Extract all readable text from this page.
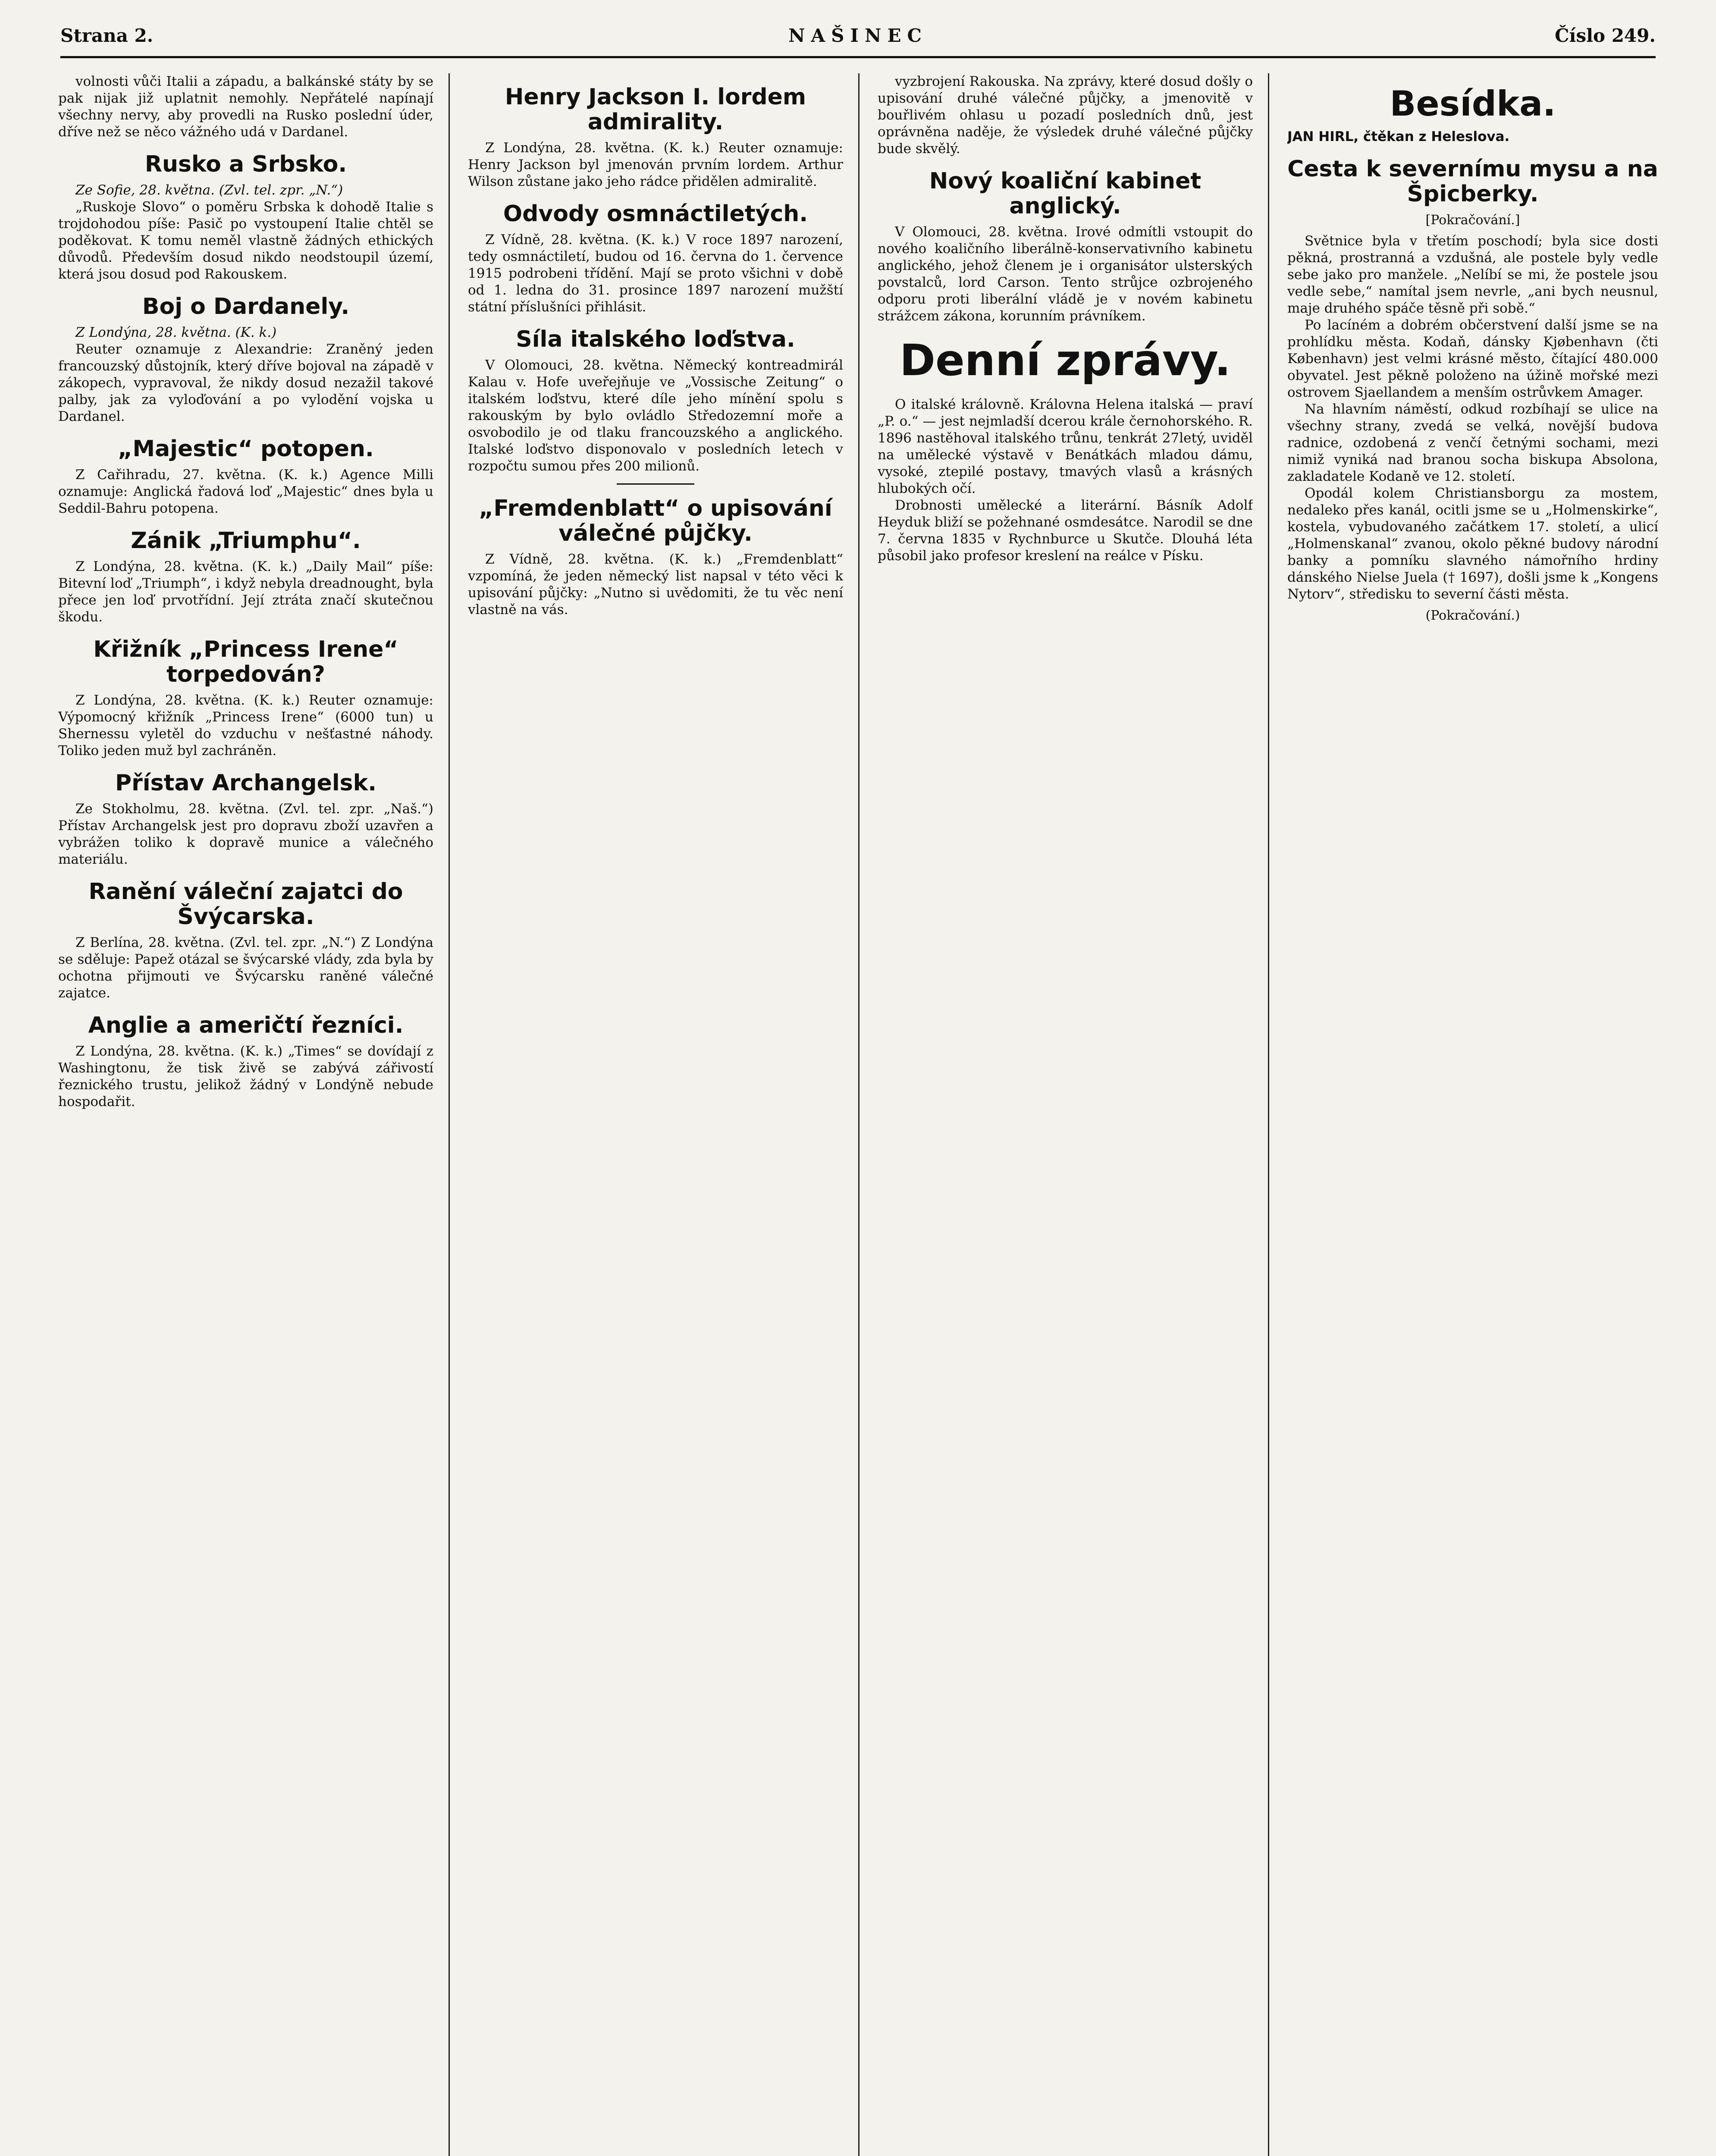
Strana 2.	NAŠINEC	Číslo 249.

volnosti vůči Italii a západu, a balkánské státy by se pak nijak již uplatnit nemohly. Nepřátelé napínají všechny nervy, aby provedli na Rusko poslední úder, dříve než se něco vážného udá v Dardanel.

Rusko a Srbsko.

Ze Sofie, 28. května. (Zvl. tel. zpr. „N.“)

„Ruskoje Slovo“ o poměru Srbska k dohodě Italie s trojdohodou píše: Pasič po vystoupení Italie chtěl se poděkovat. K tomu neměl vlastně žádných ethických důvodů. Především dosud nikdo neodstoupil území, která jsou dosud pod Rakouskem.

Boj o Dardanely.

Z Londýna, 28. května. (K. k.)

Reuter oznamuje z Alexandrie: Zraněný jeden francouzský důstojník, který dříve bojoval na západě v zákopech, vypravoval, že nikdy dosud nezažil takové palby, jak za vyloďování a po vylodění vojska u Dardanel.

„Majestic“ potopen.

Z Cařihradu, 27. května. (K. k.) Agence Milli oznamuje: Anglická řadová loď „Majestic“ dnes byla u Seddil-Bahru potopena.

Zánik „Triumphu“.

Z Londýna, 28. května. (K. k.) „Daily Mail“ píše: Bitevní loď „Triumph“, i když nebyla dreadnought, byla přece jen loď prvotřídní. Její ztráta značí skutečnou škodu.

Křižník „Princess Irene“ torpedován?

Z Londýna, 28. května. (K. k.) Reuter oznamuje: Výpomocný křižník „Princess Irene“ (6000 tun) u Shernessu vyletěl do vzduchu v nešťastné náhody. Toliko jeden muž byl zachráněn.

Přístav Archangelsk.

Ze Stokholmu, 28. května. (Zvl. tel. zpr. „Naš.“) Přístav Archangelsk jest pro dopravu zboží uzavřen a vybrážen toliko k dopravě munice a válečného materiálu.

Ranění váleční zajatci do Švýcarska.

Z Berlína, 28. května. (Zvl. tel. zpr. „N.“) Z Londýna se sděluje: Papež otázal se švýcarské vlády, zda byla by ochotna přijmouti ve Švýcarsku raněné válečné zajatce.

Anglie a američtí řezníci.

Z Londýna, 28. května. (K. k.) „Times“ se dovídají z Washingtonu, že tisk živě se zabývá zářivostí řeznického trustu, jelikož žádný v Londýně nebude hospodařit.

Henry Jackson I. lordem admirality.

Z Londýna, 28. května. (K. k.) Reuter oznamuje: Henry Jackson byl jmenován prvním lordem. Arthur Wilson zůstane jako jeho rádce přidělen admiralitě.

Odvody osmnáctiletých.

Z Vídně, 28. května. (K. k.) V roce 1897 narození, tedy osmnáctiletí, budou od 16. června do 1. července 1915 podrobeni třídění. Mají se proto všichni v době od 1. ledna do 31. prosince 1897 narození mužští státní příslušníci přihlásit.

Síla italského loďstva.

V Olomouci, 28. května. Německý kontreadmirál Kalau v. Hofe uveřejňuje ve „Vossische Zeitung“ o italském loďstvu, které díle jeho mínění spolu s rakouským by bylo ovládlo Středozemní moře a osvobodilo je od tlaku francouzského a anglického. Italské loďstvo disponovalo v posledních letech v rozpočtu sumou přes 200 milionů.

„Fremdenblatt“ o upisování válečné půjčky.

Z Vídně, 28. května. (K. k.) „Fremdenblatt“ vzpomíná, že jeden německý list napsal v této věci k upisování půjčky: „Nutno si uvědomiti, že tu věc není vlastně na vás.

vyzbrojení Rakouska. Na zprávy, které dosud došly o upisování druhé válečné půjčky, a jmenovitě v bouřlivém ohlasu u pozadí posledních dnů, jest oprávněna naděje, že výsledek druhé válečné půjčky bude skvělý.

Nový koaliční kabinet anglický.

V Olomouci, 28. května. Irové odmítli vstoupit do nového koaličního liberálně-konservativního kabinetu anglického, jehož členem je i organisátor ulsterských povstalců, lord Carson. Tento strůjce ozbrojeného odporu proti liberální vládě je v novém kabinetu strážcem zákona, korunním právníkem.

Denní zprávy.

O italské královně. Královna Helena italská — praví „P. o.“ — jest nejmladší dcerou krále černohorského. R. 1896 nastěhoval italského trůnu, tenkrát 27letý, uviděl na umělecké výstavě v Benátkách mladou dámu, vysoké, ztepilé postavy, tmavých vlasů a krásných hlubokých očí.

Drobnosti umělecké a literární. Básník Adolf Heyduk bliží se požehnané osmdesátce. Narodil se dne 7. června 1835 v Rychnburce u Skutče. Dlouhá léta působil jako profesor kreslení na reálce v Písku.

Besídka.
JAN HIRL, čtěkan z Heleslova.
Cesta k severnímu mysu a na Špicberky.
[Pokračování.]

Světnice byla v třetím poschodí; byla sice dosti pěkná, prostranná a vzdušná, ale postele byly vedle sebe jako pro manžele. „Nelíbí se mi, že postele jsou vedle sebe,“ namítal jsem nevrle, „ani bych neusnul, maje druhého spáče těsně při sobě.“

Po lacíném a dobrém občerstvení další jsme se na prohlídku města. Kodaň, dánsky Kjøbenhavn (čti København) jest velmi krásné město, čítající 480.000 obyvatel. Jest pěkně položeno na úžině mořské mezi ostrovem Sjaellandem a menším ostrůvkem Amager.

Na hlavním náměstí, odkud rozbíhají se ulice na všechny strany, zvedá se velká, novější budova radnice, ozdobená z venčí četnými sochami, mezi nimiž vyniká nad branou socha biskupa Absolona, zakladatele Kodaně ve 12. století.

Opodál kolem Christiansborgu za mostem, nedaleko přes kanál, ocitli jsme se u „Holmenskirke“, kostela, vybudovaného začátkem 17. století, a ulicí „Holmenskanal“ zvanou, okolo pěkné budovy národní banky a pomníku slavného námořního hrdiny dánského Nielse Juela († 1697), došli jsme k „Kongens Nytorv“, středisku to severní části města.

(Pokračování.)
